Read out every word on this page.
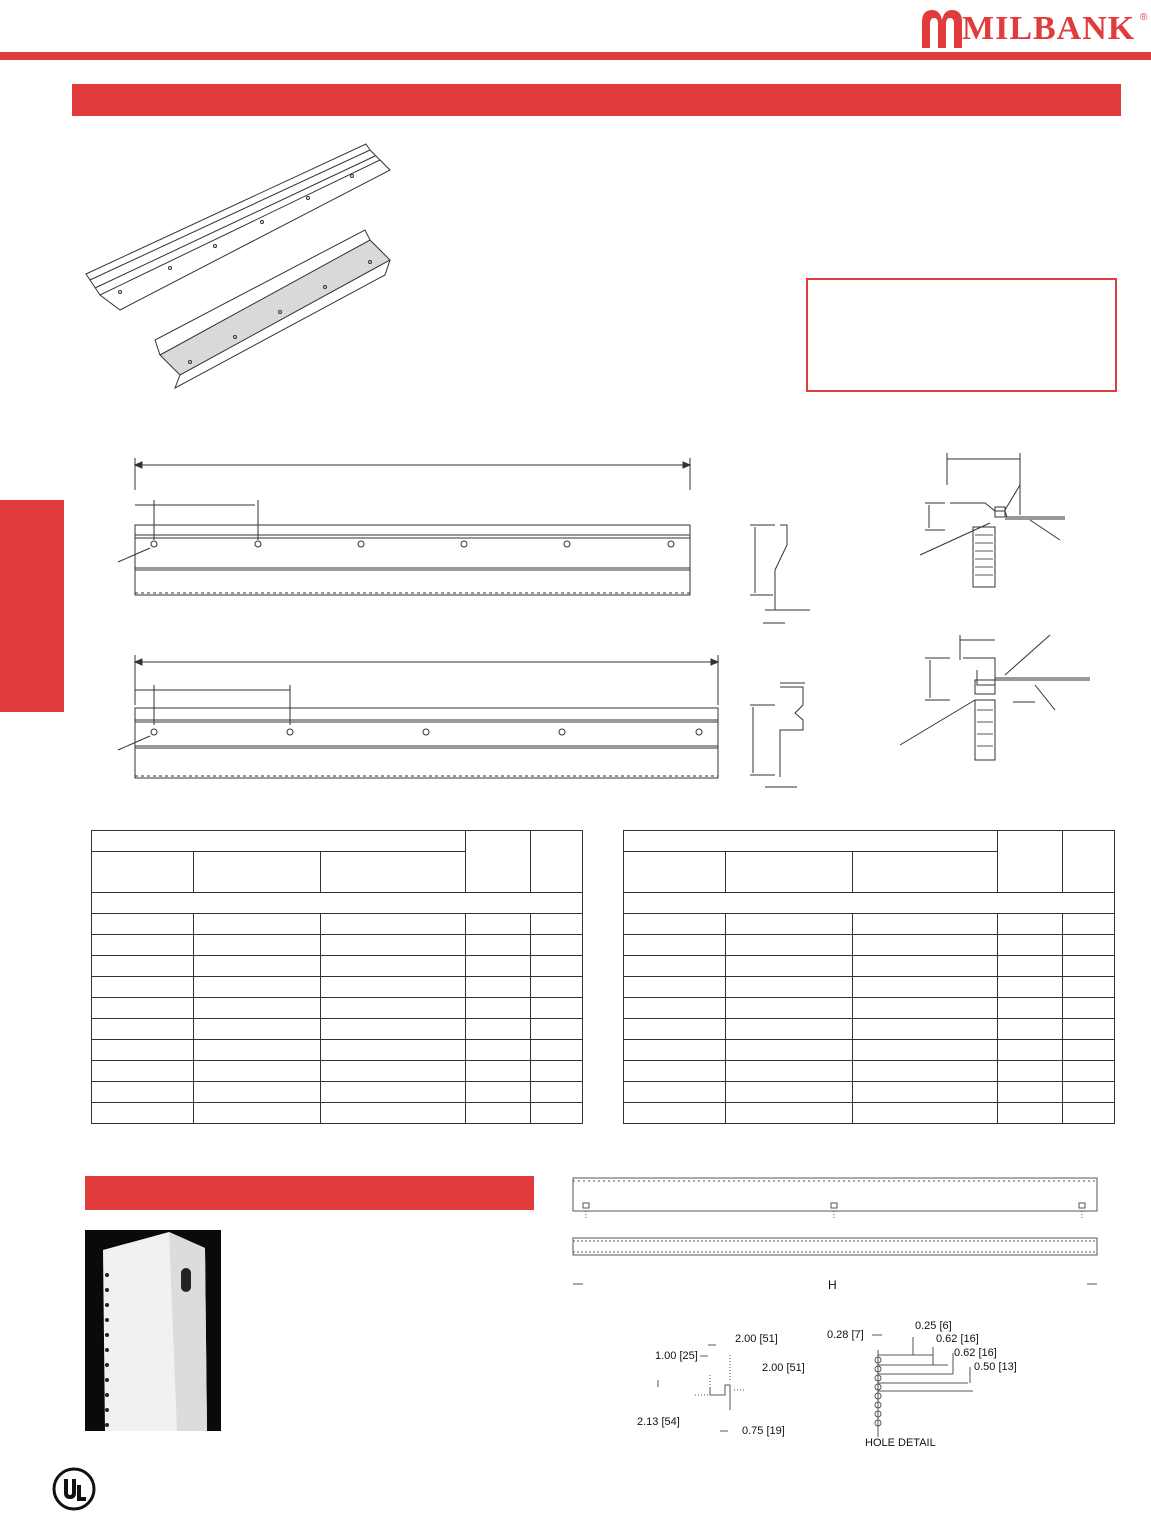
MILBANK ®

H
2.00 [51]
1.00 [25]
2.00 [51]
2.13 [54]
0.75 [19]
0.25 [6]
0.28 [7]	0.62 [16]
0.62 [16]
0.50 [13]
HOLE DETAIL
